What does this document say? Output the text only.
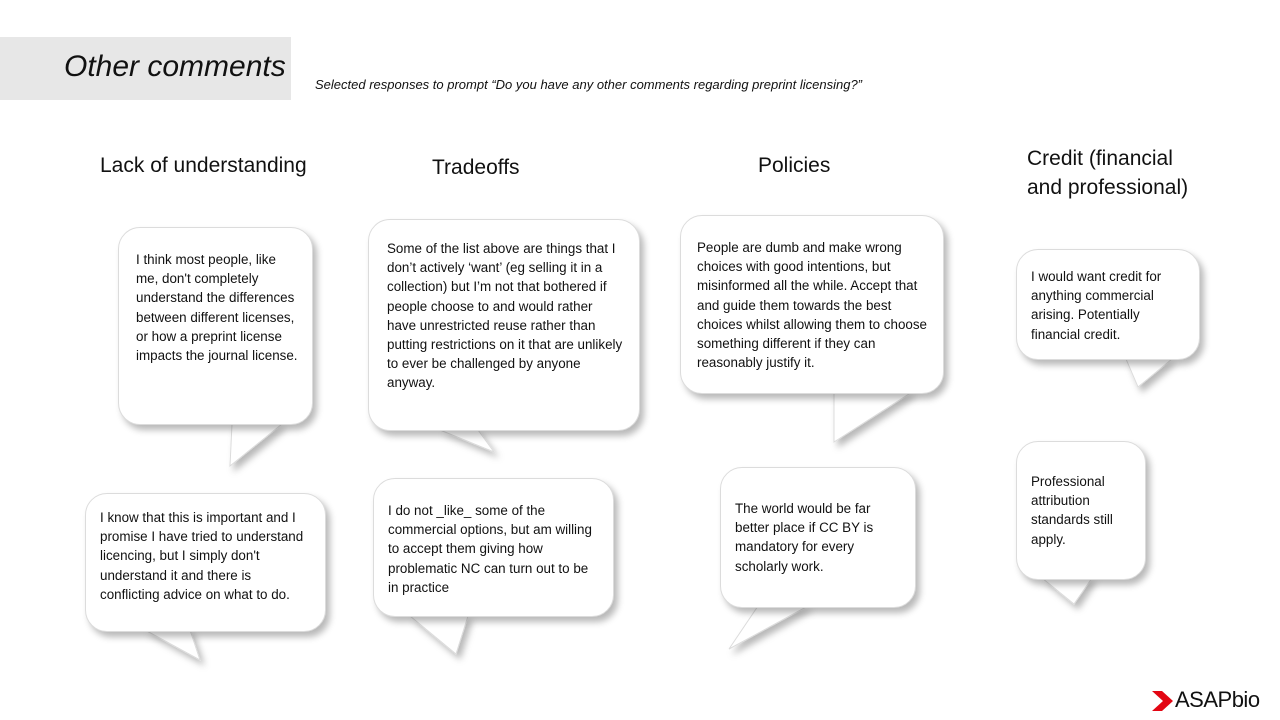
Other comments
Selected responses to prompt “Do you have any other comments regarding preprint licensing?”
Lack of understanding	Tradeoffs	Policies	Credit (financial and professional)
I think most people, like me, don't completely understand the differences between different licenses, or how a preprint license impacts the journal license.
I know that this is important and I promise I have tried to understand licencing, but I simply don't understand it and there is conflicting advice on what to do.
Some of the list above are things that I don’t actively ‘want’ (eg selling it in a collection) but I’m not that bothered if people choose to and would rather have unrestricted reuse rather than putting restrictions on it that are unlikely to ever be challenged by anyone anyway.
I do not _like_ some of the commercial options, but am willing to accept them giving how problematic NC can turn out to be in practice
People are dumb and make wrong choices with good intentions, but misinformed all the while. Accept that and guide them towards the best choices whilst allowing them to choose something different if they can reasonably justify it.
The world would be far better place if CC BY is mandatory for every scholarly work.
I would want credit for anything commercial arising. Potentially financial credit.
Professional attribution standards still apply.
ASAPbio
